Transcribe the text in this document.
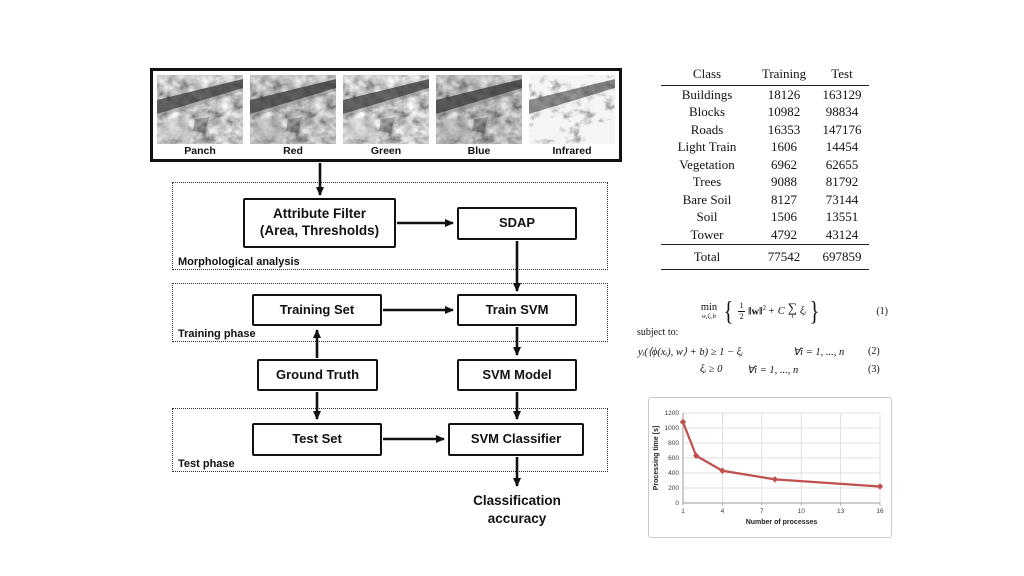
Panch	Red	Green	Blue	Infrared
Morphological analysis
Training phase
Test phase
Attribute Filter
(Area, Thresholds)
SDAP
Training Set	Train SVM
Ground Truth	SVM Model
Test Set	SVM Classifier
Classification
accuracy
Class	Training	Test
Buildings	18126	163129
Blocks	10982	98834
Roads	16353	147176
Light Train	1606	14454
Vegetation	6962	62655
Trees	9088	81792
Bare Soil	8127	73144
Soil	1506	13551
Tower	4792	43124
Total	77542	697859
min
w,ξᵢ,b { $\frac{1}{2}$ ‖w‖$^2$ + C ∑
i ξᵢ }	(1)
subject to:
yᵢ(⟨ϕ(xᵢ), w⟩ + b) ≥ 1 − ξᵢ	∀i = 1, ..., n (2)
ξᵢ ≥ 0 ∀i = 1, ..., n	(3)
0
200
400
600
800
1000
1200
1	4	7	10	13	16
Number of processes
Processing time [s]
